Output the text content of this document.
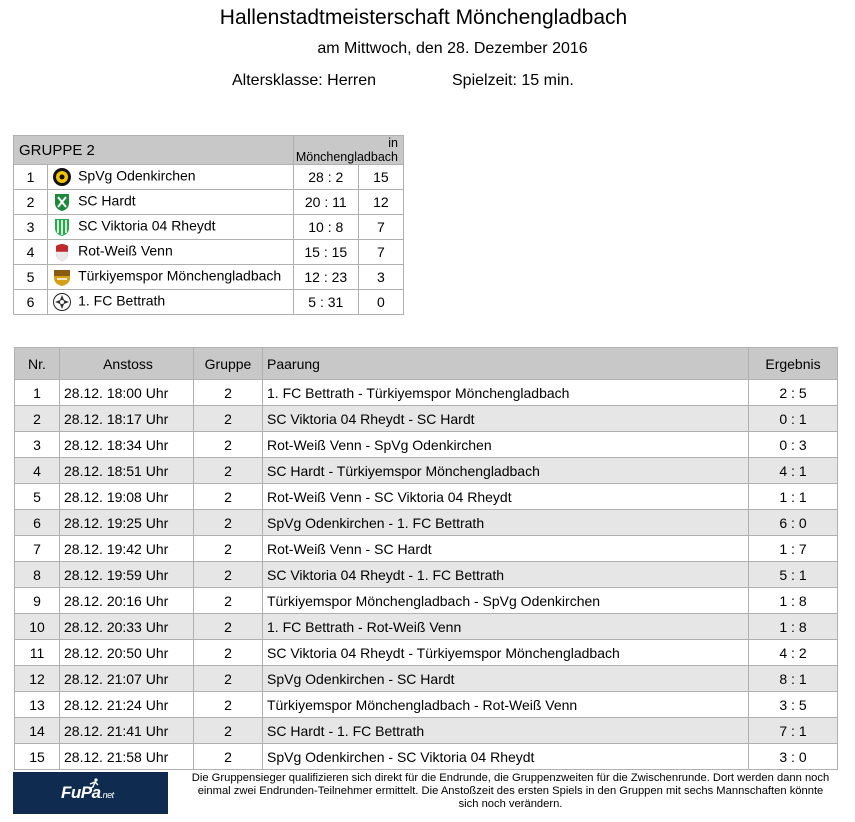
Hallenstadtmeisterschaft Mönchengladbach
am Mittwoch, den 28. Dezember 2016
Altersklasse: Herren	Spielzeit: 15 min.
GRUPPE 2		in Mönchengladbach	
1	SpVg Odenkirchen	28 : 2	15
2	SC Hardt	20 : 11	12
3	SC Viktoria 04 Rheydt	10 : 8	7
4	Rot-Weiß Venn	15 : 15	7
5	Türkiyemspor Mönchengladbach	12 : 23	3
6	1. FC Bettrath	5 : 31	0
Nr.	Anstoss	Gruppe	Paarung	Ergebnis
1	28.12. 18:00 Uhr	2	1. FC Bettrath - Türkiyemspor Mönchengladbach	2 : 5
2	28.12. 18:17 Uhr	2	SC Viktoria 04 Rheydt - SC Hardt	0 : 1
3	28.12. 18:34 Uhr	2	Rot-Weiß Venn - SpVg Odenkirchen	0 : 3
4	28.12. 18:51 Uhr	2	SC Hardt - Türkiyemspor Mönchengladbach	4 : 1
5	28.12. 19:08 Uhr	2	Rot-Weiß Venn - SC Viktoria 04 Rheydt	1 : 1
6	28.12. 19:25 Uhr	2	SpVg Odenkirchen - 1. FC Bettrath	6 : 0
7	28.12. 19:42 Uhr	2	Rot-Weiß Venn - SC Hardt	1 : 7
8	28.12. 19:59 Uhr	2	SC Viktoria 04 Rheydt - 1. FC Bettrath	5 : 1
9	28.12. 20:16 Uhr	2	Türkiyemspor Mönchengladbach - SpVg Odenkirchen	1 : 8
10	28.12. 20:33 Uhr	2	1. FC Bettrath - Rot-Weiß Venn	1 : 8
11	28.12. 20:50 Uhr	2	SC Viktoria 04 Rheydt - Türkiyemspor Mönchengladbach	4 : 2
12	28.12. 21:07 Uhr	2	SpVg Odenkirchen - SC Hardt	8 : 1
13	28.12. 21:24 Uhr	2	Türkiyemspor Mönchengladbach - Rot-Weiß Venn	3 : 5
14	28.12. 21:41 Uhr	2	SC Hardt - 1. FC Bettrath	7 : 1
15	28.12. 21:58 Uhr	2	SpVg Odenkirchen - SC Viktoria 04 Rheydt	3 : 0
FuPa.net
Die Gruppensieger qualifizieren sich direkt für die Endrunde, die Gruppenzweiten für die Zwischenrunde. Dort werden dann noch einmal zwei Endrunden-Teilnehmer ermittelt. Die Anstoßzeit des ersten Spiels in den Gruppen mit sechs Mannschaften könnte sich noch verändern.
